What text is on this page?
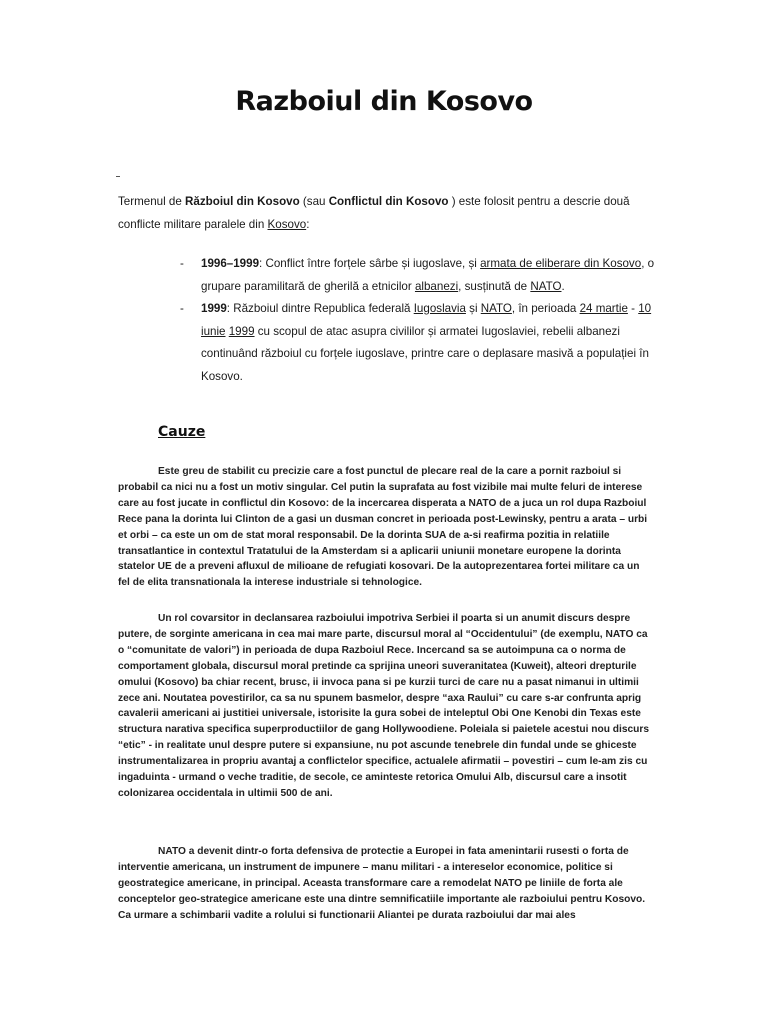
Razboiul din Kosovo
Termenul de Războiul din Kosovo (sau Conflictul din Kosovo ) este folosit pentru a descrie două conflicte militare paralele din Kosovo:
- 1996–1999: Conflict între forțele sârbe și iugoslave, și armata de eliberare din Kosovo, o grupare paramilitară de gherilă a etnicilor albanezi, susținută de NATO.
- 1999: Războiul dintre Republica federală Iugoslavia și NATO, în perioada 24 martie - 10 iunie 1999 cu scopul de atac asupra civililor și armatei Iugoslaviei, rebelii albanezi continuând războiul cu forțele iugoslave, printre care o deplasare masivă a populației în Kosovo.
Cauze

Este greu de stabilit cu precizie care a fost punctul de plecare real de la care a pornit razboiul si probabil ca nici nu a fost un motiv singular. Cel putin la suprafata au fost vizibile mai multe feluri de interese care au fost jucate in conflictul din Kosovo: de la incercarea disperata a NATO de a juca un rol dupa Razboiul Rece pana la dorinta lui Clinton de a gasi un dusman concret in perioada post-Lewinsky, pentru a arata – urbi et orbi – ca este un om de stat moral responsabil. De la dorinta SUA de a-si reafirma pozitia in relatiile transatlantice in contextul Tratatului de la Amsterdam si a aplicarii uniunii monetare europene la dorinta statelor UE de a preveni afluxul de milioane de refugiati kosovari. De la autoprezentarea fortei militare ca un fel de elita transnationala la interese industriale si tehnologice.

Un rol covarsitor in declansarea razboiului impotriva Serbiei il poarta si un anumit discurs despre putere, de sorginte americana in cea mai mare parte, discursul moral al “Occidentului” (de exemplu, NATO ca o “comunitate de valori”) in perioada de dupa Razboiul Rece. Incercand sa se autoimpuna ca o norma de comportament globala, discursul moral pretinde ca sprijina uneori suveranitatea (Kuweit), alteori drepturile omului (Kosovo) ba chiar recent, brusc, ii invoca pana si pe kurzii turci de care nu a pasat nimanui in ultimii zece ani. Noutatea povestirilor, ca sa nu spunem basmelor, despre “axa Raului” cu care s-ar confrunta aprig cavalerii americani ai justitiei universale, istorisite la gura sobei de inteleptul Obi One Kenobi din Texas este structura narativa specifica superproductiilor de gang Hollywoodiene. Poleiala si paietele acestui nou discurs “etic” - in realitate unul despre putere si expansiune, nu pot ascunde tenebrele din fundal unde se ghiceste instrumentalizarea in propriu avantaj a conflictelor specifice, actualele afirmatii – povestiri – cum le-am zis cu ingaduinta - urmand o veche traditie, de secole, ce aminteste retorica Omului Alb, discursul care a insotit colonizarea occidentala in ultimii 500 de ani.

NATO a devenit dintr-o forta defensiva de protectie a Europei in fata amenintarii rusesti o forta de interventie americana, un instrument de impunere – manu militari - a intereselor economice, politice si geostrategice americane, in principal. Aceasta transformare care a remodelat NATO pe liniile de forta ale conceptelor geo-strategice americane este una dintre semnificatiile importante ale razboiului pentru Kosovo. Ca urmare a schimbarii vadite a rolului si functionarii Aliantei pe durata razboiului dar mai ales
